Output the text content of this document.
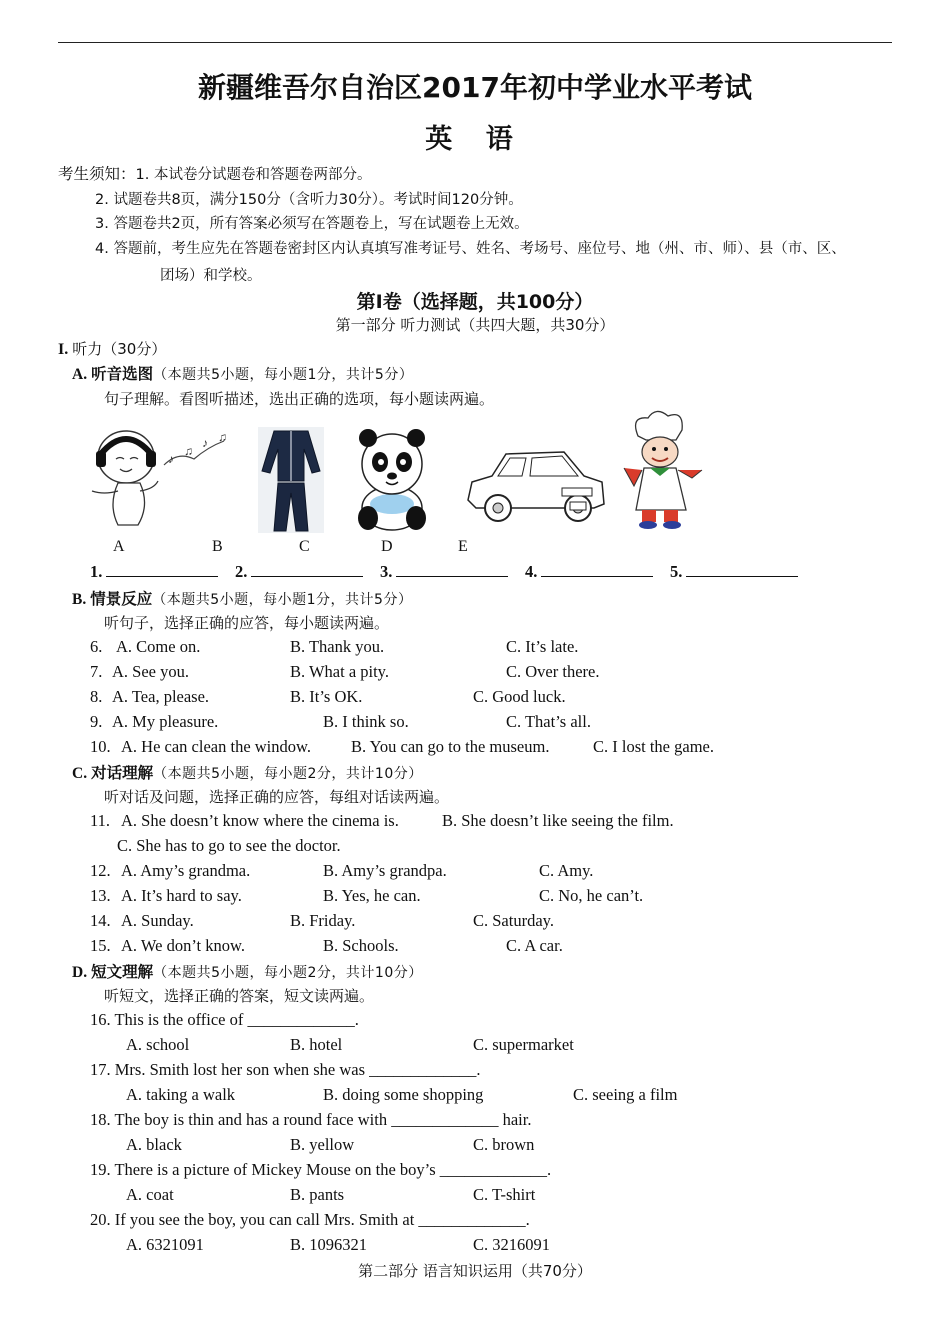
新疆维吾尔自治区2017年初中学业水平考试
英 语
考生须知：1. 本试卷分试题卷和答题卷两部分。
2. 试题卷共8页，满分150分（含听力30分）。考试时间120分钟。
3. 答题卷共2页，所有答案必须写在答题卷上，写在试题卷上无效。
4. 答题前，考生应先在答题卷密封区内认真填写准考证号、姓名、考场号、座位号、地（州、市、师）、县（市、区、
团场）和学校。
第Ⅰ卷（选择题，共100分）
第一部分 听力测试（共四大题，共30分）
I. 听力（30分）
A. 听音选图（本题共5小题，每小题1分，共计5分）
句子理解。看图听描述，选出正确的选项，每小题读两遍。
♪
♫
♪ ♫
A	B	C	D	E
1.	2.	3.	4.	5.
B. 情景反应（本题共5小题，每小题1分，共计5分）
听句子，选择正确的应答，每小题读两遍。
6. A. Come on.	B. Thank you.	C. It’s late.
7. A. See you.	B. What a pity.	C. Over there.
8. A. Tea, please.	B. It’s OK.	C. Good luck.
9. A. My pleasure.	B. I think so.	C. That’s all.
10. A. He can clean the window. B. You can go to the museum.	C. I lost the game.
C. 对话理解（本题共5小题，每小题2分，共计10分）
听对话及问题，选择正确的应答，每组对话读两遍。
11. A. She doesn’t know where the cinema is.	B. She doesn’t like seeing the film.
C. She has to go to see the doctor.
12. A. Amy’s grandma.	B. Amy’s grandpa.	C. Amy.
13. A. It’s hard to say.	B. Yes, he can.	C. No, he can’t.
14. A. Sunday.	B. Friday.	C. Saturday.
15. A. We don’t know.	B. Schools.	C. A car.
D. 短文理解（本题共5小题，每小题2分，共计10分）
听短文，选择正确的答案，短文读两遍。
16. This is the office of _____________.
A. school	B. hotel	C. supermarket
17. Mrs. Smith lost her son when she was _____________.
A. taking a walk	B. doing some shopping	C. seeing a film
18. The boy is thin and has a round face with _____________ hair.
A. black	B. yellow	C. brown
19. There is a picture of Mickey Mouse on the boy’s _____________.
A. coat	B. pants	C. T-shirt
20. If you see the boy, you can call Mrs. Smith at _____________.
A. 6321091	B. 1096321	C. 3216091
第二部分 语言知识运用（共70分）
